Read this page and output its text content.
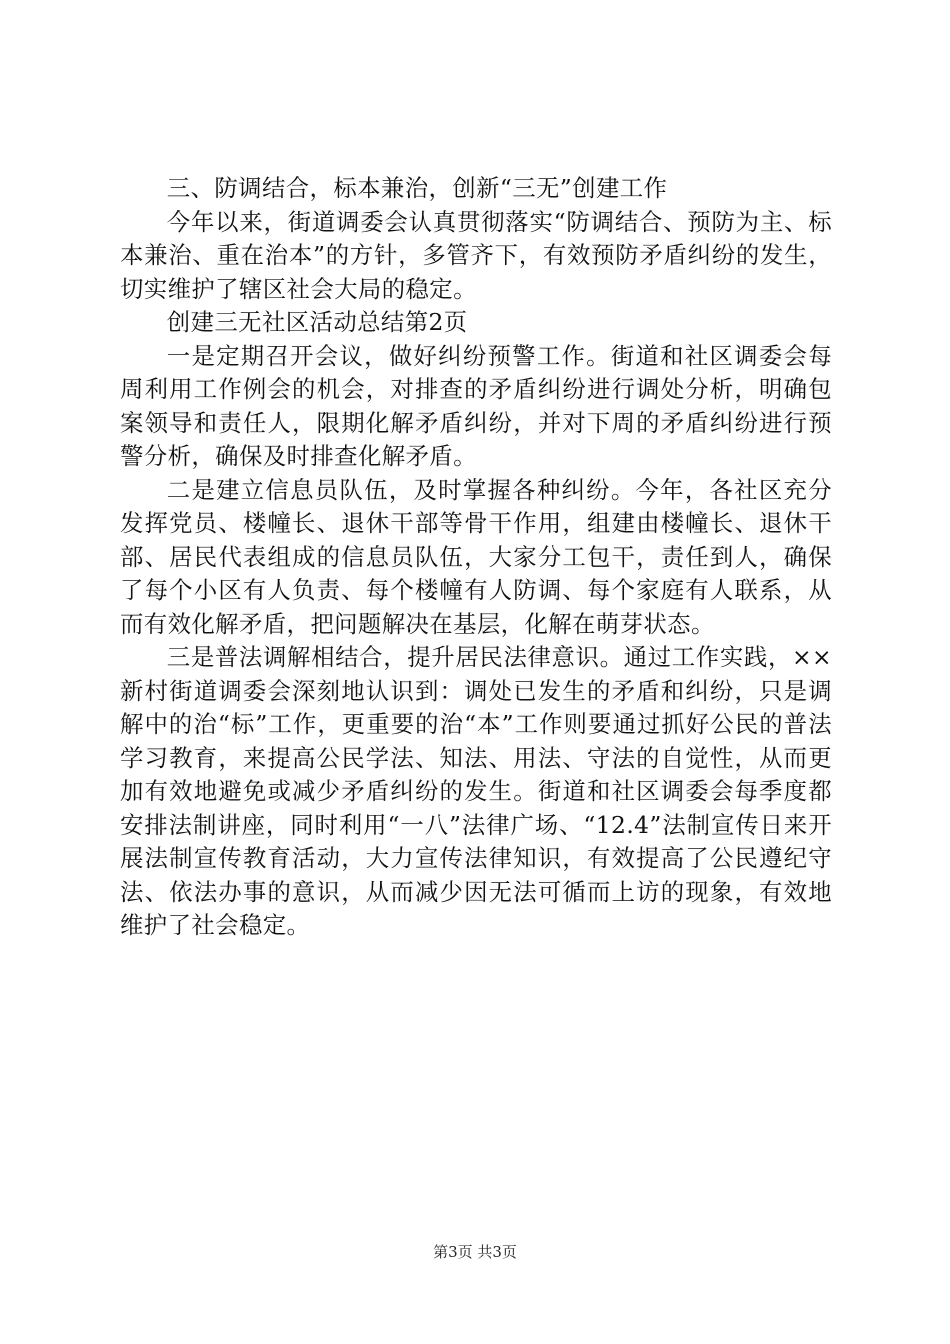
三、防调结合，标本兼治，创新“三无”创建工作

今年以来，街道调委会认真贯彻落实“防调结合、预防为主、标本兼治、重在治本”的方针，多管齐下，有效预防矛盾纠纷的发生，切实维护了辖区社会大局的稳定。

创建三无社区活动总结第2页

一是定期召开会议，做好纠纷预警工作。街道和社区调委会每周利用工作例会的机会，对排查的矛盾纠纷进行调处分析，明确包案领导和责任人，限期化解矛盾纠纷，并对下周的矛盾纠纷进行预警分析，确保及时排查化解矛盾。

二是建立信息员队伍，及时掌握各种纠纷。今年，各社区充分发挥党员、楼幢长、退休干部等骨干作用，组建由楼幢长、退休干部、居民代表组成的信息员队伍，大家分工包干，责任到人，确保了每个小区有人负责、每个楼幢有人防调、每个家庭有人联系，从而有效化解矛盾，把问题解决在基层，化解在萌芽状态。

三是普法调解相结合，提升居民法律意识。通过工作实践，××新村街道调委会深刻地认识到：调处已发生的矛盾和纠纷，只是调解中的治“标”工作，更重要的治“本”工作则要通过抓好公民的普法学习教育，来提高公民学法、知法、用法、守法的自觉性，从而更加有效地避免或减少矛盾纠纷的发生。街道和社区调委会每季度都安排法制讲座，同时利用“一八”法律广场、“12.4”法制宣传日来开展法制宣传教育活动，大力宣传法律知识，有效提高了公民遵纪守法、依法办事的意识，从而减少因无法可循而上访的现象，有效地维护了社会稳定。

第3页 共3页
